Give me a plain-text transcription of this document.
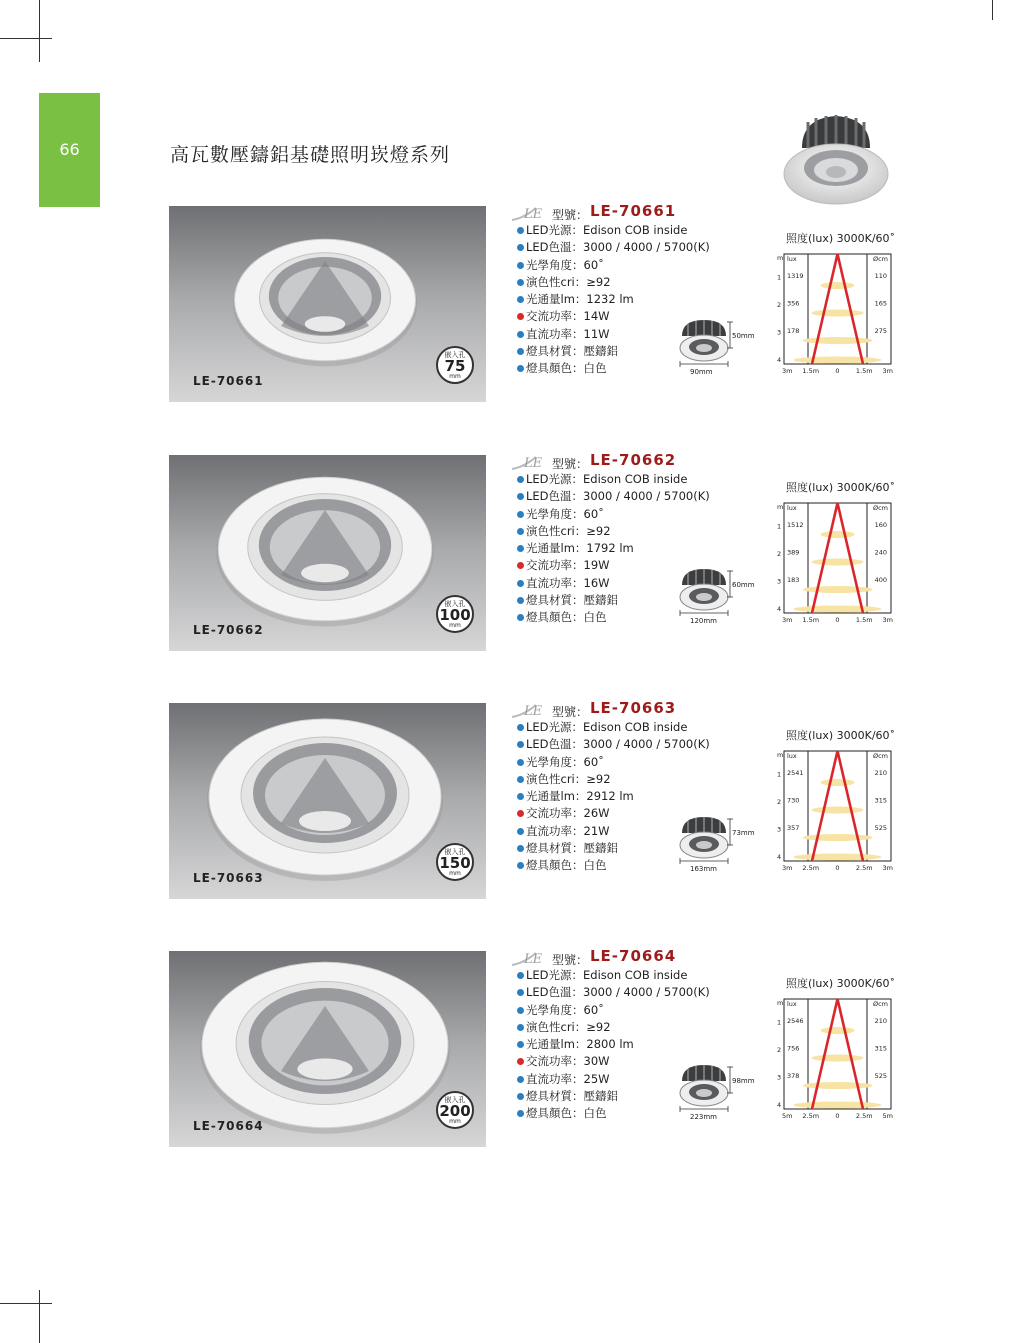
66	高瓦數壓鑄鋁基礎照明崁燈系列
LE-70661
嵌入孔
75
mm
LE 型號： LE-70661
LED光源：Edison COB inside
LED色溫：3000 / 4000 / 5700(K)
光學角度：60˚
演色性cri：≥92
光通量lm：1232 lm
交流功率：14W
直流功率：11W
燈具材質：壓鑄鋁
燈具顏色：白色
50mm
90mm
照度(lux) 3000K/60˚
m lux	Øcm
1
2
3
4
1319
356
178
110
165
275
3m 1.5m	0	1.5m 3m
LE-70662
嵌入孔
100
mm
LE 型號： LE-70662
LED光源：Edison COB inside
LED色溫：3000 / 4000 / 5700(K)
光學角度：60˚
演色性cri：≥92
光通量lm：1792 lm
交流功率：19W
直流功率：16W
燈具材質：壓鑄鋁
燈具顏色：白色
60mm
120mm
照度(lux) 3000K/60˚
m lux	Øcm
1
2
3
4
1512
389
183
160
240
400
3m 1.5m	0	1.5m 3m
LE-70663
嵌入孔
150
mm
LE 型號： LE-70663
LED光源：Edison COB inside
LED色溫：3000 / 4000 / 5700(K)
光學角度：60˚
演色性cri：≥92
光通量lm：2912 lm
交流功率：26W
直流功率：21W
燈具材質：壓鑄鋁
燈具顏色：白色
73mm
163mm
照度(lux) 3000K/60˚
m lux	Øcm
1
2
3
4
2541
730
357
210
315
525
3m 2.5m	0	2.5m 3m
LE-70664
嵌入孔
200
mm
LE 型號： LE-70664
LED光源：Edison COB inside
LED色溫：3000 / 4000 / 5700(K)
光學角度：60˚
演色性cri：≥92
光通量lm：2800 lm
交流功率：30W
直流功率：25W
燈具材質：壓鑄鋁
燈具顏色：白色
98mm
223mm
照度(lux) 3000K/60˚
m lux	Øcm
1
2
3
4
2546
756
378
210
315
525
5m 2.5m	0	2.5m 5m
